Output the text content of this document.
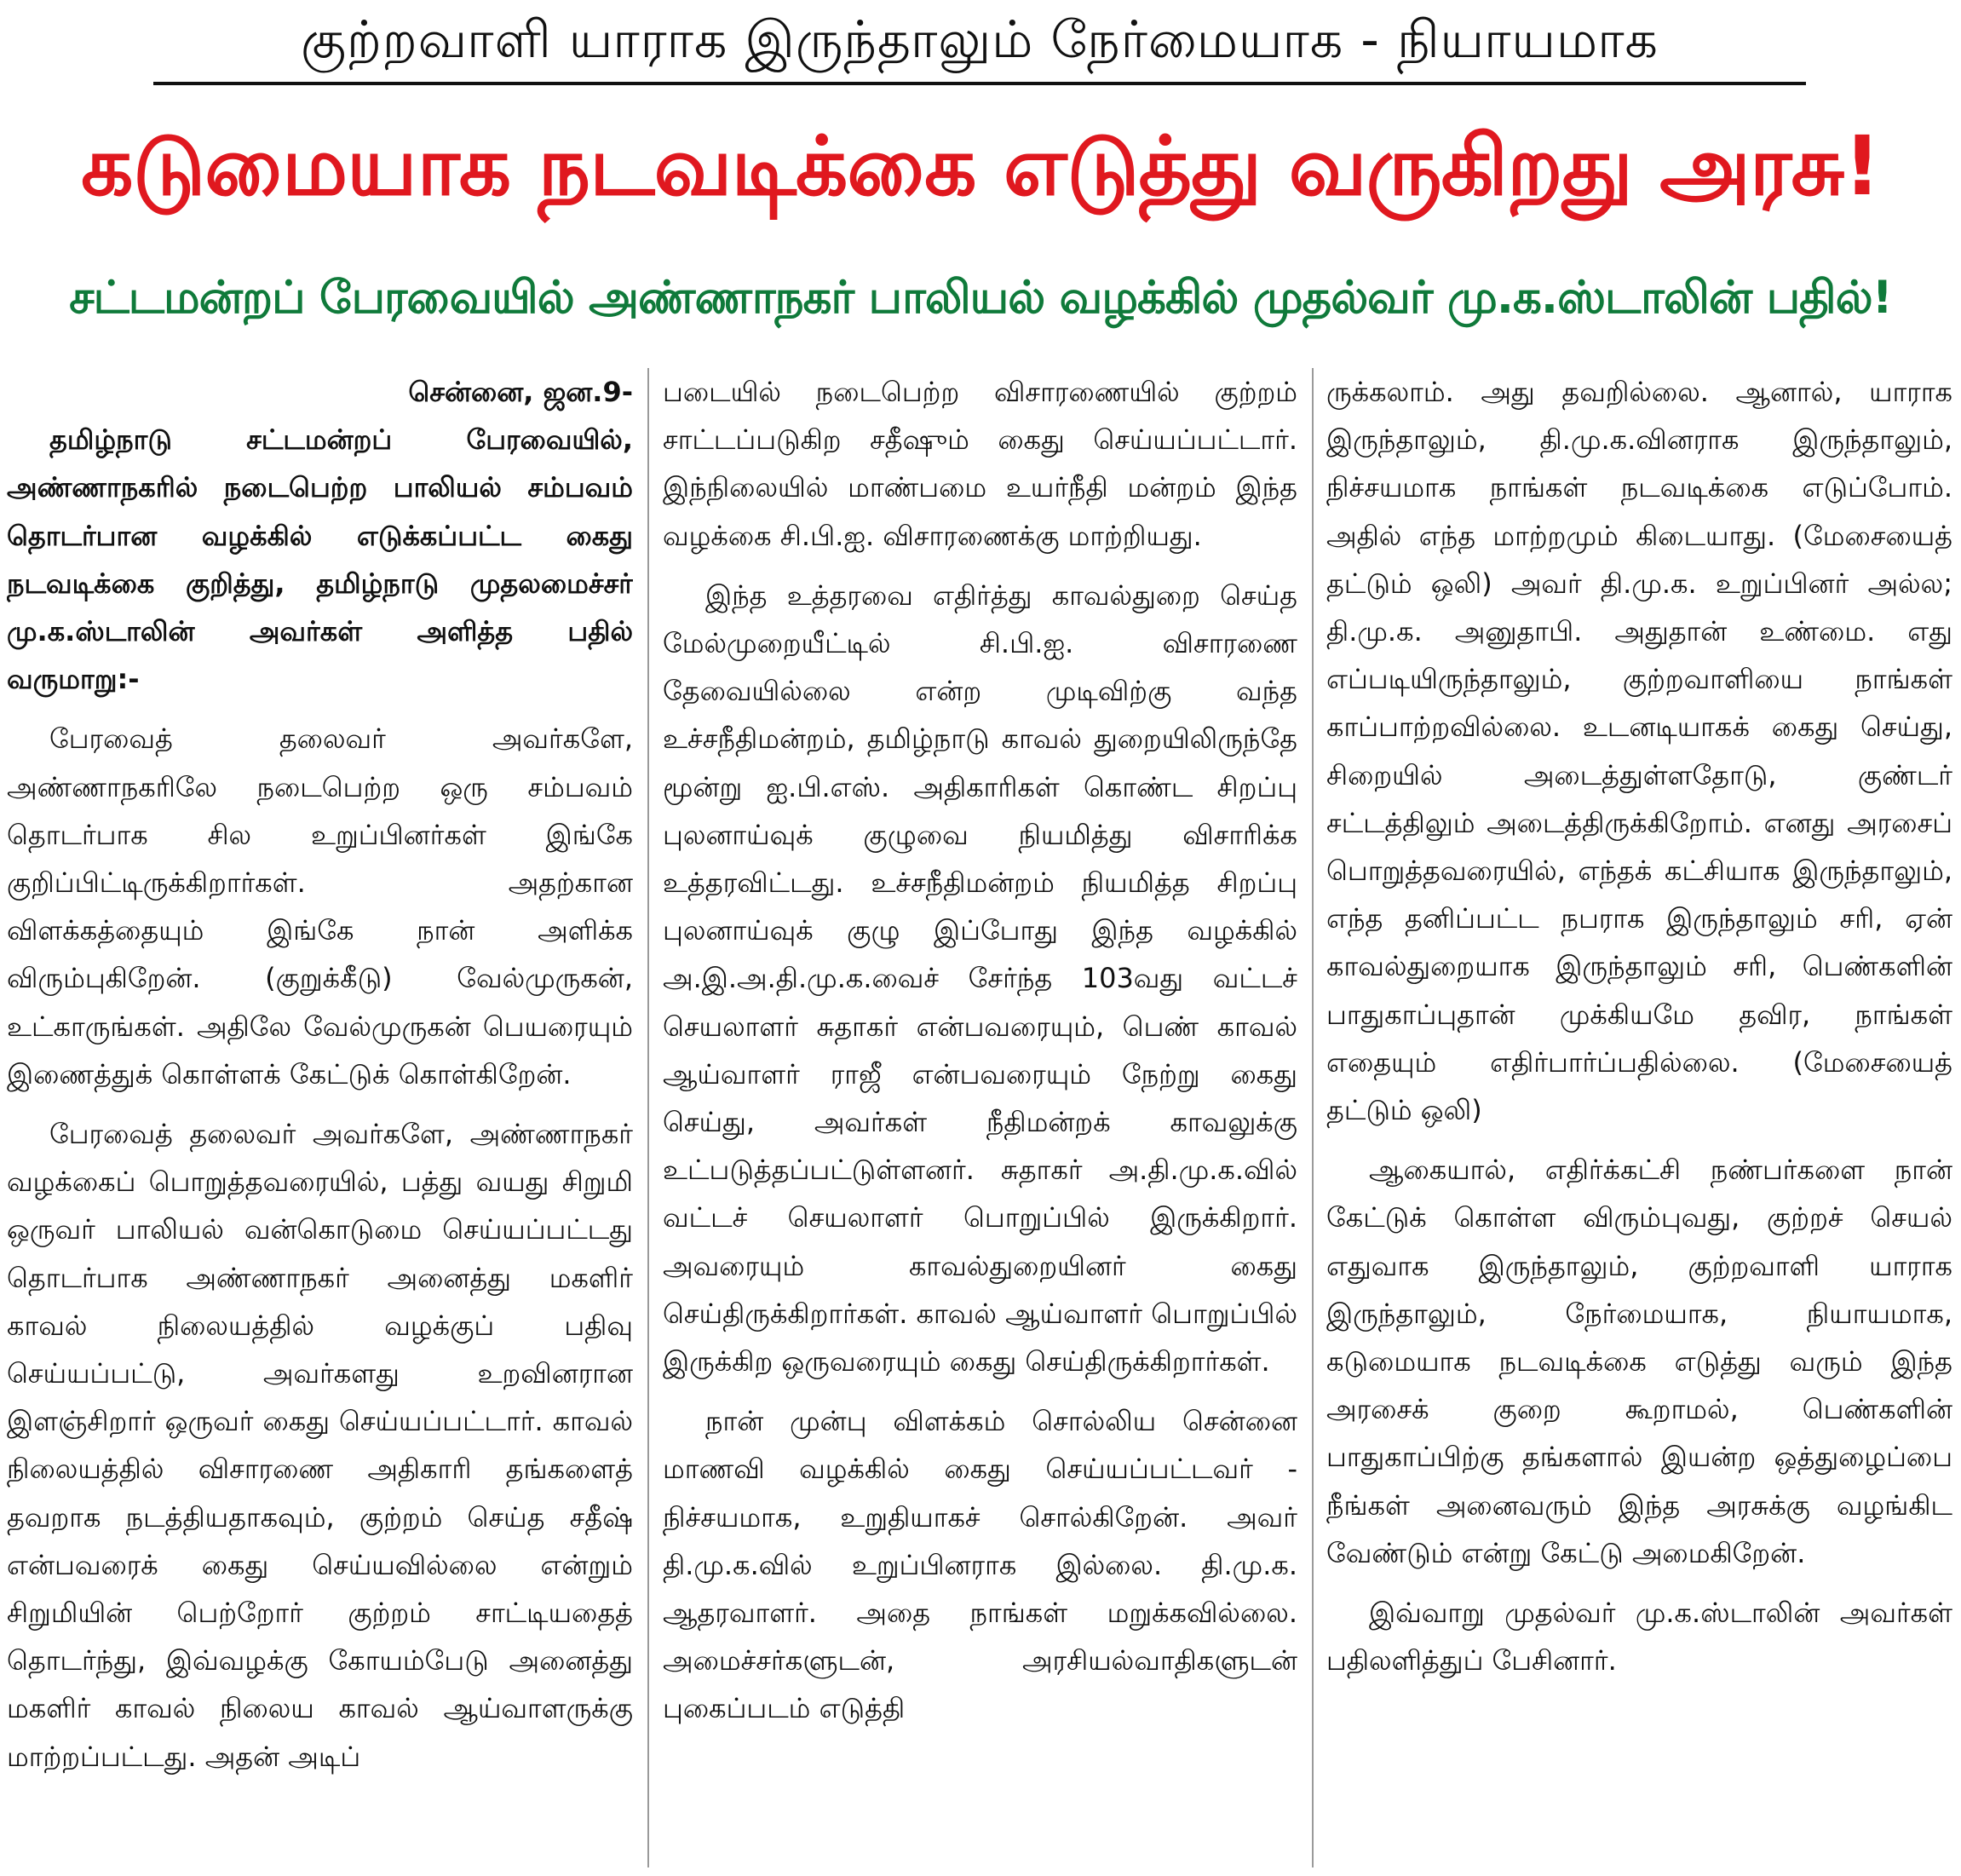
குற்றவாளி யாராக இருந்தாலும் நேர்மையாக - நியாயமாக
கடுமையாக நடவடிக்கை எடுத்து வருகிறது அரசு!
சட்டமன்றப் பேரவையில் அண்ணாநகர் பாலியல் வழக்கில் முதல்வர் மு.க.ஸ்டாலின் பதில்!

சென்னை, ஜன.9-

தமிழ்நாடு சட்டமன்றப் பேரவையில், அண்ணாநகரில் நடைபெற்ற பாலியல் சம்பவம் தொடர்பான வழக்கில் எடுக்கப்பட்ட கைது நடவடிக்கை குறித்து, தமிழ்நாடு முதலமைச்சர் மு.க.ஸ்டாலின் அவர்கள் அளித்த பதில் வருமாறு:-

பேரவைத் தலைவர் அவர்களே, அண்ணாநகரிலே நடைபெற்ற ஒரு சம்பவம் தொடர்பாக சில உறுப்பினர்கள் இங்கே குறிப்பிட்டிருக்கிறார்கள். அதற்கான விளக்கத்தையும் இங்கே நான் அளிக்க விரும்புகிறேன். (குறுக்கீடு) வேல்முருகன், உட்காருங்கள். அதிலே வேல்முருகன் பெயரையும் இணைத்துக் கொள்ளக் கேட்டுக் கொள்கிறேன்.

பேரவைத் தலைவர் அவர்களே, அண்ணாநகர் வழக்கைப் பொறுத்தவரையில், பத்து வயது சிறுமி ஒருவர் பாலியல் வன்கொடுமை செய்யப்பட்டது தொடர்பாக அண்ணாநகர் அனைத்து மகளிர் காவல் நிலையத்தில் வழக்குப் பதிவு செய்யப்பட்டு, அவர்களது உறவினரான இளஞ்சிறார் ஒருவர் கைது செய்யப்பட்டார். காவல் நிலையத்தில் விசாரணை அதிகாரி தங்களைத் தவறாக நடத்தியதாகவும், குற்றம் செய்த சதீஷ் என்பவரைக் கைது செய்யவில்லை என்றும் சிறுமியின் பெற்றோர் குற்றம் சாட்டியதைத் தொடர்ந்து, இவ்வழக்கு கோயம்பேடு அனைத்து மகளிர் காவல் நிலைய காவல் ஆய்வாளருக்கு மாற்றப்பட்டது. அதன் அடிப்

படையில் நடைபெற்ற விசாரணையில் குற்றம் சாட்டப்படுகிற சதீஷும் கைது செய்யப்பட்டார். இந்நிலையில் மாண்பமை உயர்நீதி மன்றம் இந்த வழக்கை சி.பி.ஐ. விசாரணைக்கு மாற்றியது.

இந்த உத்தரவை எதிர்த்து காவல்துறை செய்த மேல்முறையீட்டில் சி.பி.ஐ. விசாரணை தேவையில்லை என்ற முடிவிற்கு வந்த உச்சநீதிமன்றம், தமிழ்நாடு காவல் துறையிலிருந்தே மூன்று ஐ.பி.எஸ். அதிகாரிகள் கொண்ட சிறப்பு புலனாய்வுக் குழுவை நியமித்து விசாரிக்க உத்தரவிட்டது. உச்சநீதிமன்றம் நியமித்த சிறப்பு புலனாய்வுக் குழு இப்போது இந்த வழக்கில் அ.இ.அ.தி.மு.க.வைச் சேர்ந்த 103வது வட்டச் செயலாளர் சுதாகர் என்பவரையும், பெண் காவல் ஆய்வாளர் ராஜீ என்பவரையும் நேற்று கைது செய்து, அவர்கள் நீதிமன்றக் காவலுக்கு உட்படுத்தப்பட்டுள்ளனர். சுதாகர் அ.தி.மு.க.வில் வட்டச் செயலாளர் பொறுப்பில் இருக்கிறார். அவரையும் காவல்துறையினர் கைது செய்திருக்கிறார்கள். காவல் ஆய்வாளர் பொறுப்பில் இருக்கிற ஒருவரையும் கைது செய்திருக்கிறார்கள்.

நான் முன்பு விளக்கம் சொல்லிய சென்னை மாணவி வழக்கில் கைது செய்யப்பட்டவர் - நிச்சயமாக, உறுதியாகச் சொல்கிறேன். அவர் தி.மு.க.வில் உறுப்பினராக இல்லை. தி.மு.க. ஆதரவாளர். அதை நாங்கள் மறுக்கவில்லை. அமைச்சர்களுடன், அரசியல்வாதிகளுடன் புகைப்படம் எடுத்தி

ருக்கலாம். அது தவறில்லை. ஆனால், யாராக இருந்தாலும், தி.மு.க.வினராக இருந்தாலும், நிச்சயமாக நாங்கள் நடவடிக்கை எடுப்போம். அதில் எந்த மாற்றமும் கிடையாது. (மேசையைத் தட்டும் ஒலி) அவர் தி.மு.க. உறுப்பினர் அல்ல; தி.மு.க. அனுதாபி. அதுதான் உண்மை. எது எப்படியிருந்தாலும், குற்றவாளியை நாங்கள் காப்பாற்றவில்லை. உடனடியாகக் கைது செய்து, சிறையில் அடைத்துள்ளதோடு, குண்டர் சட்டத்திலும் அடைத்திருக்கிறோம். எனது அரசைப் பொறுத்தவரையில், எந்தக் கட்சியாக இருந்தாலும், எந்த தனிப்பட்ட நபராக இருந்தாலும் சரி, ஏன் காவல்துறையாக இருந்தாலும் சரி, பெண்களின் பாதுகாப்புதான் முக்கியமே தவிர, நாங்கள் எதையும் எதிர்பார்ப்பதில்லை. (மேசையைத் தட்டும் ஒலி)

ஆகையால், எதிர்க்கட்சி நண்பர்களை நான் கேட்டுக் கொள்ள விரும்புவது, குற்றச் செயல் எதுவாக இருந்தாலும், குற்றவாளி யாராக இருந்தாலும், நேர்மையாக, நியாயமாக, கடுமையாக நடவடிக்கை எடுத்து வரும் இந்த அரசைக் குறை கூறாமல், பெண்களின் பாதுகாப்பிற்கு தங்களால் இயன்ற ஒத்துழைப்பை நீங்கள் அனைவரும் இந்த அரசுக்கு வழங்கிட வேண்டும் என்று கேட்டு அமைகிறேன்.

இவ்வாறு முதல்வர் மு.க.ஸ்டாலின் அவர்கள் பதிலளித்துப் பேசினார்.
